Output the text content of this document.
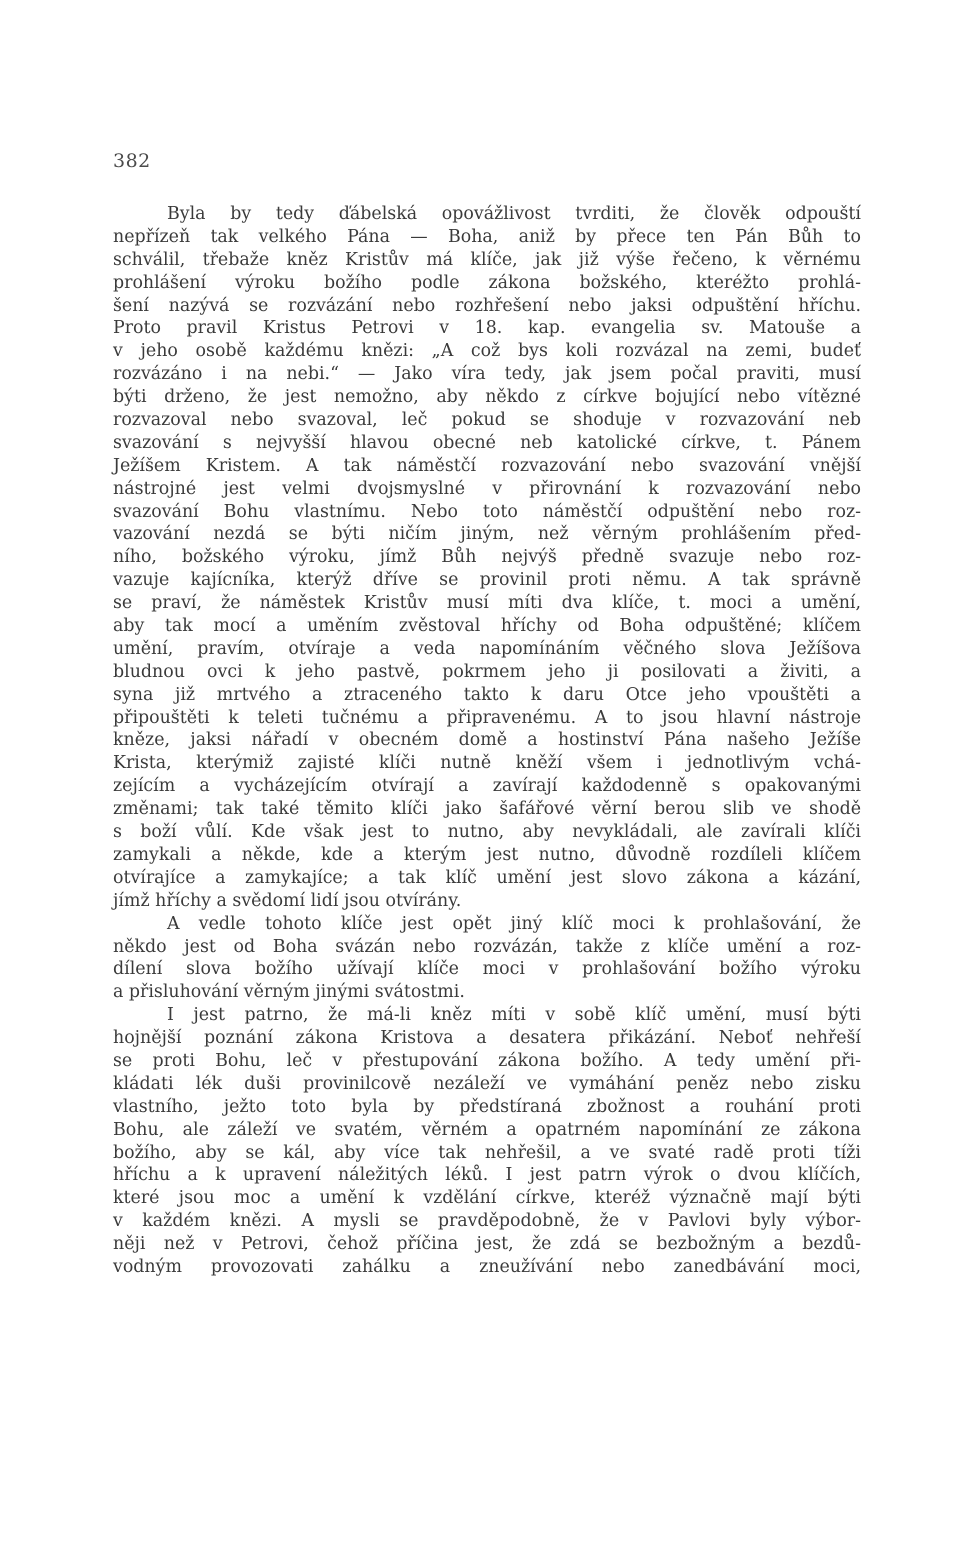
382
Byla by tedy ďábelská opovážlivost tvrditi, že člověk odpouští
nepřízeň tak velkého Pána — Boha, aniž by přece ten Pán Bůh to
schválil, třebaže kněz Kristův má klíče, jak již výše řečeno, k věrnému
prohlášení výroku božího podle zákona božského, kteréžto prohlá-
šení nazývá se rozvázání nebo rozhřešení nebo jaksi odpuštění hříchu.
Proto pravil Kristus Petrovi v 18. kap. evangelia sv. Matouše a
v jeho osobě každému knězi: „A což bys koli rozvázal na zemi, budeť
rozvázáno i na nebi.“ — Jako víra tedy, jak jsem počal praviti, musí
býti drženo, že jest nemožno, aby někdo z církve bojující nebo vítězné
rozvazoval nebo svazoval, leč pokud se shoduje v rozvazování neb
svazování s nejvyšší hlavou obecné neb katolické církve, t. Pánem
Ježíšem Kristem. A tak náměstčí rozvazování nebo svazování vnější
nástrojné jest velmi dvojsmyslné v přirovnání k rozvazování nebo
svazování Bohu vlastnímu. Nebo toto náměstčí odpuštění nebo roz-
vazování nezdá se býti ničím jiným, než věrným prohlášením před-
ního, božského výroku, jímž Bůh nejvýš předně svazuje nebo roz-
vazuje kajícníka, kterýž dříve se provinil proti němu. A tak správně
se praví, že náměstek Kristův musí míti dva klíče, t. moci a umění,
aby tak mocí a uměním zvěstoval hříchy od Boha odpuštěné; klíčem
umění, pravím, otvíraje a veda napomínáním věčného slova Ježíšova
bludnou ovci k jeho pastvě, pokrmem jeho ji posilovati a živiti, a
syna již mrtvého a ztraceného takto k daru Otce jeho vpouštěti a
připouštěti k teleti tučnému a připravenému. A to jsou hlavní nástroje
kněze, jaksi nářadí v obecném domě a hostinství Pána našeho Ježíše
Krista, kterýmiž zajisté klíči nutně kněží všem i jednotlivým vchá-
zejícím a vycházejícím otvírají a zavírají každodenně s opakovanými
změnami; tak také těmito klíči jako šafářové věrní berou slib ve shodě
s boží vůlí. Kde však jest to nutno, aby nevykládali, ale zavírali klíči
zamykali a někde, kde a kterým jest nutno, důvodně rozdíleli klíčem
otvírajíce a zamykajíce; a tak klíč umění jest slovo zákona a kázání,
jímž hříchy a svědomí lidí jsou otvírány.
A vedle tohoto klíče jest opět jiný klíč moci k prohlašování, že
někdo jest od Boha svázán nebo rozvázán, takže z klíče umění a roz-
dílení slova božího užívají klíče moci v prohlašování božího výroku
a přisluhování věrným jinými svátostmi.
I jest patrno, že má-li kněz míti v sobě klíč umění, musí býti
hojnější poznání zákona Kristova a desatera přikázání. Neboť nehřeší
se proti Bohu, leč v přestupování zákona božího. A tedy umění při-
kládati lék duši provinilcově nezáleží ve vymáhání peněz nebo zisku
vlastního, ježto toto byla by předstíraná zbožnost a rouhání proti
Bohu, ale záleží ve svatém, věrném a opatrném napomínání ze zákona
božího, aby se kál, aby více tak nehřešil, a ve svaté radě proti tíži
hříchu a k upravení náležitých léků. I jest patrn výrok o dvou klíčích,
které jsou moc a umění k vzdělání církve, kteréž význačně mají býti
v každém knězi. A mysli se pravděpodobně, že v Pavlovi byly výbor-
něji než v Petrovi, čehož příčina jest, že zdá se bezbožným a bezdů-
vodným provozovati zahálku a zneužívání nebo zanedbávání moci,
